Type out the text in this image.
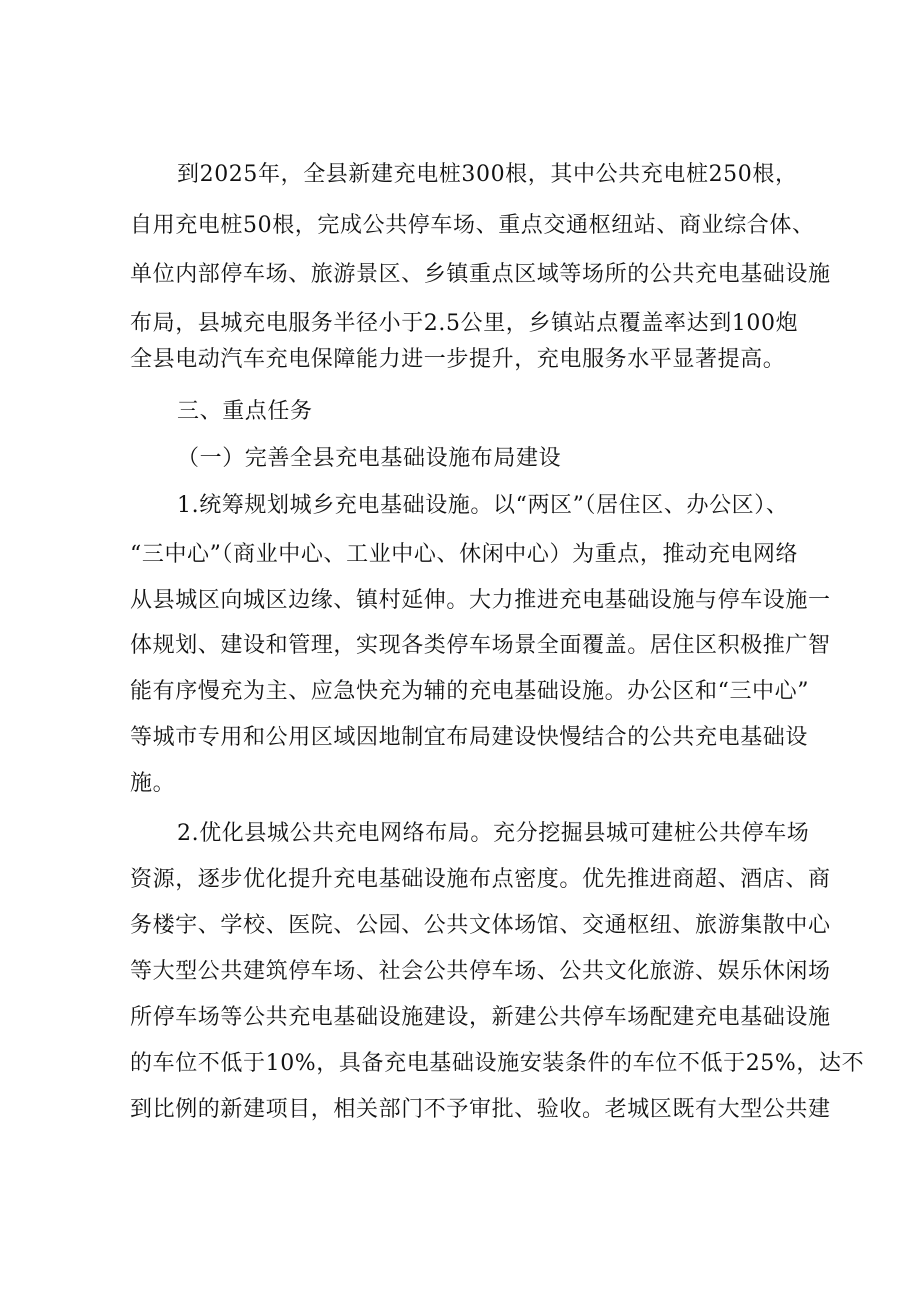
到2025年，全县新建充电桩300根，其中公共充电桩250根，
自用充电桩50根，完成公共停车场、重点交通枢纽站、商业综合体、
单位内部停车场、旅游景区、乡镇重点区域等场所的公共充电基础设施
布局，县城充电服务半径小于2.5公里，乡镇站点覆盖率达到100炮
全县电动汽车充电保障能力进一步提升，充电服务水平显著提高。
三、重点任务
（一）完善全县充电基础设施布局建设
1.统筹规划城乡充电基础设施。以“两区”（居住区、办公区）、
“三中心”（商业中心、工业中心、休闲中心）为重点，推动充电网络
从县城区向城区边缘、镇村延伸。大力推进充电基础设施与停车设施一
体规划、建设和管理，实现各类停车场景全面覆盖。居住区积极推广智
能有序慢充为主、应急快充为辅的充电基础设施。办公区和“三中心”
等城市专用和公用区域因地制宜布局建设快慢结合的公共充电基础设
施。
2.优化县城公共充电网络布局。充分挖掘县城可建桩公共停车场
资源，逐步优化提升充电基础设施布点密度。优先推进商超、酒店、商
务楼宇、学校、医院、公园、公共文体场馆、交通枢纽、旅游集散中心
等大型公共建筑停车场、社会公共停车场、公共文化旅游、娱乐休闲场
所停车场等公共充电基础设施建设，新建公共停车场配建充电基础设施
的车位不低于10%，具备充电基础设施安装条件的车位不低于25%，达不
到比例的新建项目，相关部门不予审批、验收。老城区既有大型公共建
